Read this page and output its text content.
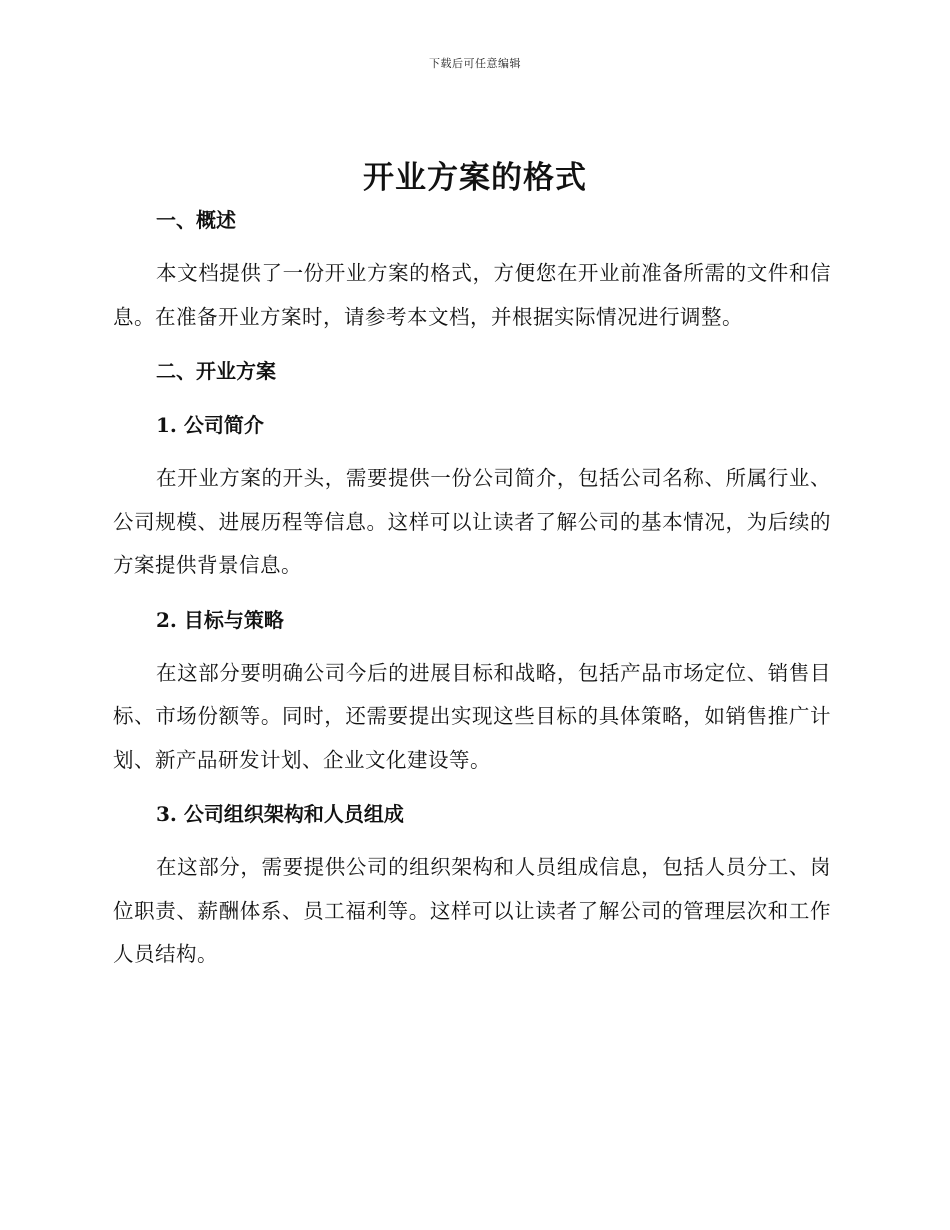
下载后可任意编辑
开业方案的格式
一、概述

本文档提供了一份开业方案的格式，方便您在开业前准备所需的文件和信息。在准备开业方案时，请参考本文档，并根据实际情况进行调整。

二、开业方案
1. 公司简介

在开业方案的开头，需要提供一份公司简介，包括公司名称、所属行业、公司规模、进展历程等信息。这样可以让读者了解公司的基本情况，为后续的方案提供背景信息。

2. 目标与策略

在这部分要明确公司今后的进展目标和战略，包括产品市场定位、销售目标、市场份额等。同时，还需要提出实现这些目标的具体策略，如销售推广计划、新产品研发计划、企业文化建设等。

3. 公司组织架构和人员组成

在这部分，需要提供公司的组织架构和人员组成信息，包括人员分工、岗位职责、薪酬体系、员工福利等。这样可以让读者了解公司的管理层次和工作人员结构。
